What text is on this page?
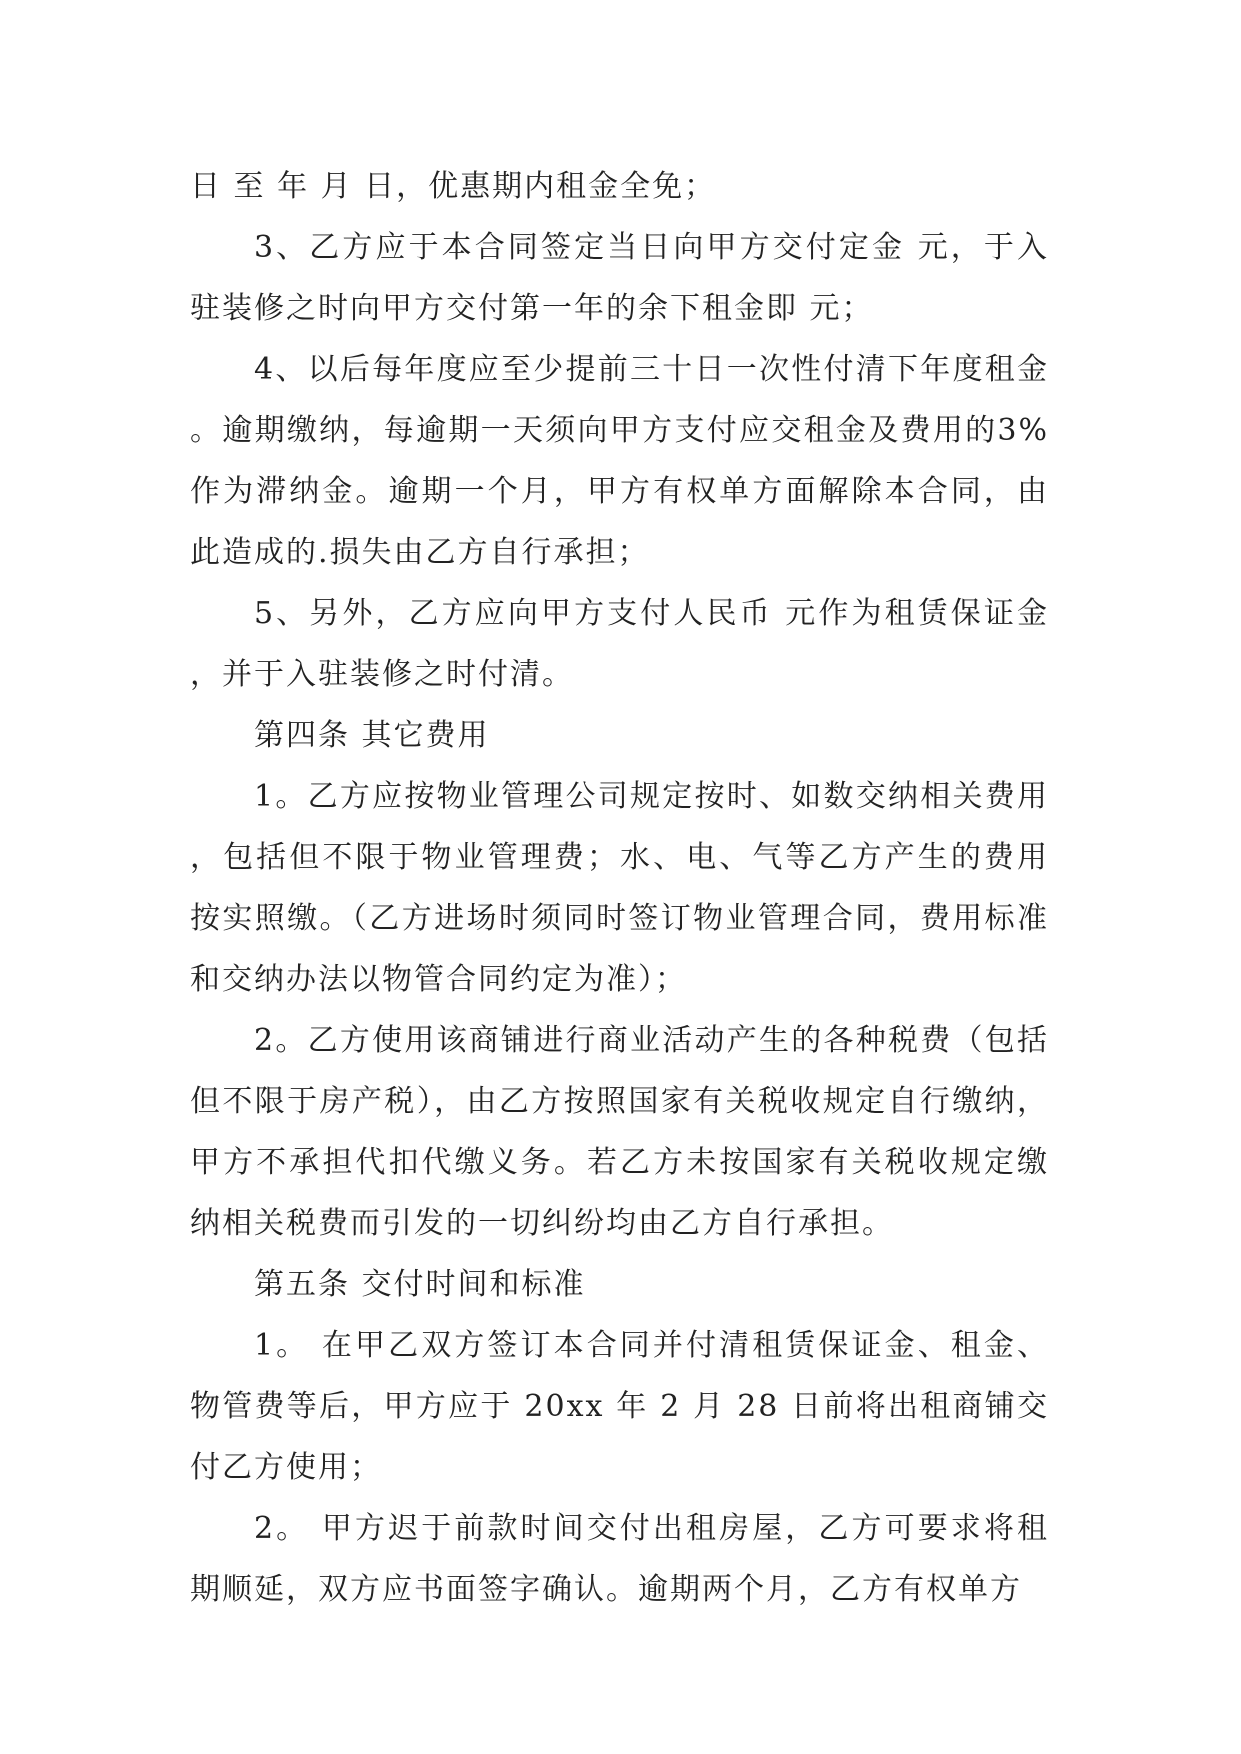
日 至 年 月 日，优惠期内租金全免；

3、乙方应于本合同签定当日向甲方交付定金 元，于入驻装修之时向甲方交付第一年的余下租金即 元；

4、以后每年度应至少提前三十日一次性付清下年度租金。逾期缴纳，每逾期一天须向甲方支付应交租金及费用的3%作为滞纳金。逾期一个月，甲方有权单方面解除本合同，由此造成的.损失由乙方自行承担；

5、另外，乙方应向甲方支付人民币 元作为租赁保证金，并于入驻装修之时付清。

第四条 其它费用

1。乙方应按物业管理公司规定按时、如数交纳相关费用，包括但不限于物业管理费；水、电、气等乙方产生的费用按实照缴。（乙方进场时须同时签订物业管理合同，费用标准和交纳办法以物管合同约定为准）；

2。乙方使用该商铺进行商业活动产生的各种税费（包括但不限于房产税），由乙方按照国家有关税收规定自行缴纳，甲方不承担代扣代缴义务。若乙方未按国家有关税收规定缴纳相关税费而引发的一切纠纷均由乙方自行承担。

第五条 交付时间和标准

1。 在甲乙双方签订本合同并付清租赁保证金、租金、物管费等后，甲方应于 20xx 年 2 月 28 日前将出租商铺交付乙方使用；

2。 甲方迟于前款时间交付出租房屋，乙方可要求将租期顺延，双方应书面签字确认。逾期两个月，乙方有权单方
